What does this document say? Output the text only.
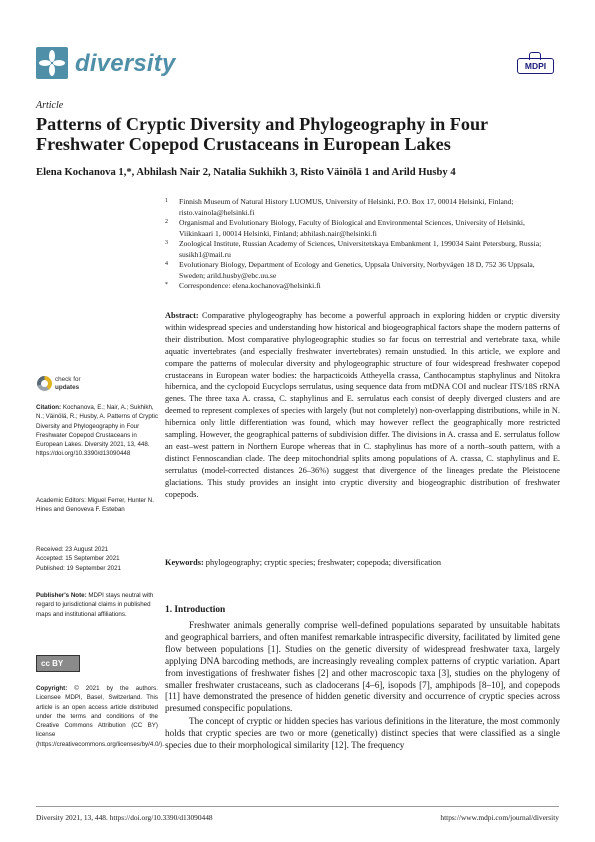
diversity	MDPI
Article
Patterns of Cryptic Diversity and Phylogeography in Four Freshwater Copepod Crustaceans in European Lakes
Elena Kochanova 1,*, Abhilash Nair 2, Natalia Sukhikh 3, Risto Väinölä 1 and Arild Husby 4
1 Finnish Museum of Natural History LUOMUS, University of Helsinki, P.O. Box 17, 00014 Helsinki, Finland; risto.vainola@helsinki.fi
2 Organismal and Evolutionary Biology, Faculty of Biological and Environmental Sciences, University of Helsinki, Viikinkaari 1, 00014 Helsinki, Finland; abhilash.nair@helsinki.fi
3 Zoological Institute, Russian Academy of Sciences, Universitetskaya Embankment 1, 199034 Saint Petersburg, Russia; susikh1@mail.ru
4 Evolutionary Biology, Department of Ecology and Genetics, Uppsala University, Norbyvägen 18 D, 752 36 Uppsala, Sweden; arild.husby@ebc.uu.se
* Correspondence: elena.kochanova@helsinki.fi
Abstract: Comparative phylogeography has become a powerful approach in exploring hidden or cryptic diversity within widespread species and understanding how historical and biogeographical factors shape the modern patterns of their distribution. Most comparative phylogeographic studies so far focus on terrestrial and vertebrate taxa, while aquatic invertebrates (and especially freshwater invertebrates) remain unstudied. In this article, we explore and compare the patterns of molecular diversity and phylogeographic structure of four widespread freshwater copepod crustaceans in European water bodies: the harpacticoids Attheyella crassa, Canthocamptus staphylinus and Nitokra hibernica, and the cyclopoid Eucyclops serrulatus, using sequence data from mtDNA COI and nuclear ITS/18S rRNA genes. The three taxa A. crassa, C. staphylinus and E. serrulatus each consist of deeply diverged clusters and are deemed to represent complexes of species with largely (but not completely) non-overlapping distributions, while in N. hibernica only little differentiation was found, which may however reflect the geographically more restricted sampling. However, the geographical patterns of subdivision differ. The divisions in A. crassa and E. serrulatus follow an east–west pattern in Northern Europe whereas that in C. staphylinus has more of a north–south pattern, with a distinct Fennoscandian clade. The deep mitochondrial splits among populations of A. crassa, C. staphylinus and E. serrulatus (model-corrected distances 26–36%) suggest that divergence of the lineages predate the Pleistocene glaciations. This study provides an insight into cryptic diversity and biogeographic distribution of freshwater copepods.
Keywords: phylogeography; cryptic species; freshwater; copepoda; diversification
1. Introduction

Freshwater animals generally comprise well-defined populations separated by unsuitable habitats and geographical barriers, and often manifest remarkable intraspecific diversity, facilitated by limited gene flow between populations [1]. Studies on the genetic diversity of widespread freshwater taxa, largely applying DNA barcoding methods, are increasingly revealing complex patterns of cryptic variation. Apart from investigations of freshwater fishes [2] and other macroscopic taxa [3], studies on the phylogeny of smaller freshwater crustaceans, such as cladocerans [4–6], isopods [7], amphipods [8–10], and copepods [11] have demonstrated the presence of hidden genetic diversity and occurrence of cryptic species across presumed conspecific populations.

The concept of cryptic or hidden species has various definitions in the literature, the most commonly holds that cryptic species are two or more (genetically) distinct species that were classified as a single species due to their morphological similarity [12]. The frequency

check for
updates
Citation: Kochanova, E.; Nair, A.; Sukhikh, N.; Väinölä, R.; Husby, A. Patterns of Cryptic Diversity and Phylogeography in Four Freshwater Copepod Crustaceans in European Lakes. Diversity 2021, 13, 448. https://doi.org/10.3390/d13090448
Academic Editors: Miguel Ferrer, Hunter N. Hines and Genoveva F. Esteban
Received: 23 August 2021
Accepted: 15 September 2021
Published: 19 September 2021
Publisher's Note: MDPI stays neutral with regard to jurisdictional claims in published maps and institutional affiliations.
cc BY
Copyright: © 2021 by the authors. Licensee MDPI, Basel, Switzerland. This article is an open access article distributed under the terms and conditions of the Creative Commons Attribution (CC BY) license (https://creativecommons.org/licenses/by/4.0/).
Diversity 2021, 13, 448. https://doi.org/10.3390/d13090448	https://www.mdpi.com/journal/diversity
